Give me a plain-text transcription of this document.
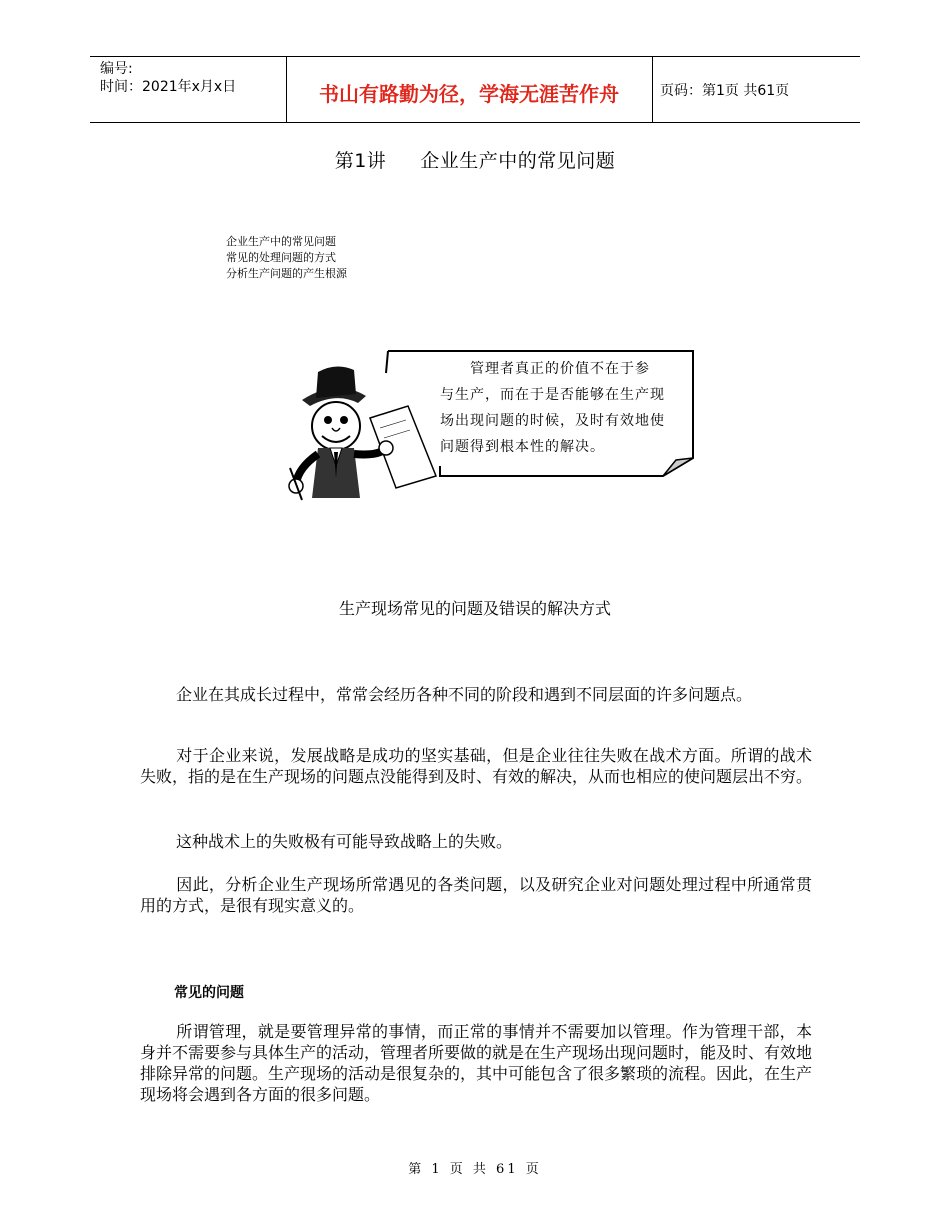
编号:
时间：2021年x月x日	书山有路勤为径，学海无涯苦作舟	页码：第1页 共61页
第1讲 企业生产中的常见问题
企业生产中的常见问题
常见的处理问题的方式
分析生产问题的产生根源
管理者真正的价值不在于参
与生产，而在于是否能够在生产现
场出现问题的时候，及时有效地使
问题得到根本性的解决。
生产现场常见的问题及错误的解决方式
企业在其成长过程中，常常会经历各种不同的阶段和遇到不同层面的许多问题点。
对于企业来说，发展战略是成功的坚实基础，但是企业往往失败在战术方面。所谓的战术失败，指的是在生产现场的问题点没能得到及时、有效的解决，从而也相应的使问题层出不穷。
这种战术上的失败极有可能导致战略上的失败。
因此，分析企业生产现场所常遇见的各类问题，以及研究企业对问题处理过程中所通常贯用的方式，是很有现实意义的。
常见的问题
所谓管理，就是要管理异常的事情，而正常的事情并不需要加以管理。作为管理干部，本身并不需要参与具体生产的活动，管理者所要做的就是在生产现场出现问题时，能及时、有效地排除异常的问题。生产现场的活动是很复杂的，其中可能包含了很多繁琐的流程。因此，在生产现场将会遇到各方面的很多问题。
第 1 页 共 61 页
